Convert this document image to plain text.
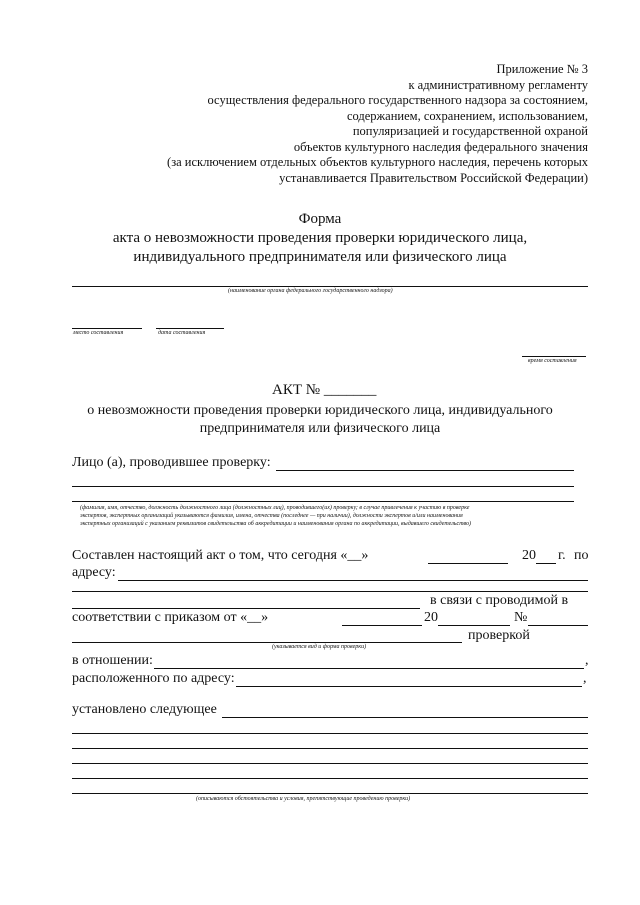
Приложение № 3
к административному регламенту
осуществления федерального государственного надзора за состоянием,
содержанием, сохранением, использованием,
популяризацией и государственной охраной
объектов культурного наследия федерального значения
(за исключением отдельных объектов культурного наследия, перечень которых
устанавливается Правительством Российской Федерации)
Форма
акта о невозможности проведения проверки юридического лица,
индивидуального предпринимателя или физического лица
(наименование органа федерального государственного надзора)
место составления	дата составления
время составления
АКТ № _______
о невозможности проведения проверки юридического лица, индивидуального
предпринимателя или физического лица
Лицо (а), проводившее проверку:
(фамилия, имя, отчество, должность должностного лица (должностных лиц), проводившего(их) проверку; в случае привлечения к участию в проверке
экспертов, экспертных организаций указываются фамилия, имена, отчества (последнее — при наличии), должности экспертов и/или наименования
экспертных организаций с указанием реквизитов свидетельства об аккредитации и наименования органа по аккредитации, выдавшего свидетельство)
Составлен настоящий акт о том, что сегодня «__»	20 г. по
адресу:
в связи с проводимой в
соответствии с приказом от «__»	20	№
проверкой
(указывается вид и форма проверки)
в отношении:	,
расположенного по адресу:	,
установлено следующее
(описываются обстоятельства и условия, препятствующие проведению проверки)
